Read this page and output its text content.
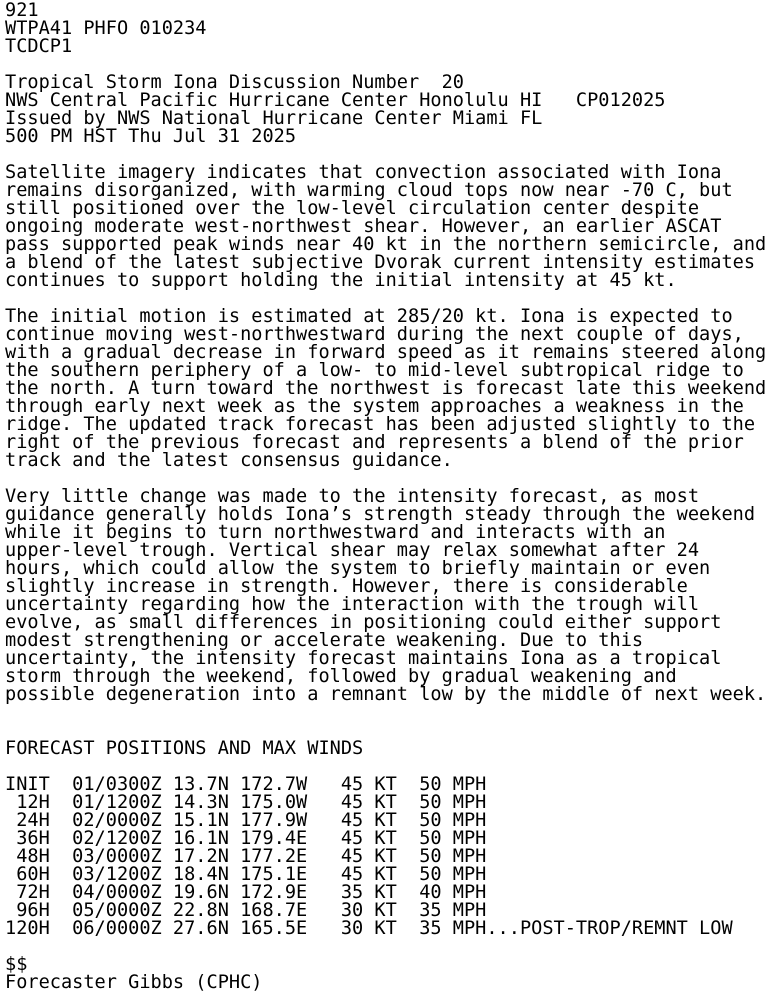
921
WTPA41 PHFO 010234
TCDCP1

Tropical Storm Iona Discussion Number  20
NWS Central Pacific Hurricane Center Honolulu HI   CP012025
Issued by NWS National Hurricane Center Miami FL
500 PM HST Thu Jul 31 2025

Satellite imagery indicates that convection associated with Iona
remains disorganized, with warming cloud tops now near -70 C, but
still positioned over the low-level circulation center despite
ongoing moderate west-northwest shear. However, an earlier ASCAT
pass supported peak winds near 40 kt in the northern semicircle, and
a blend of the latest subjective Dvorak current intensity estimates
continues to support holding the initial intensity at 45 kt.

The initial motion is estimated at 285/20 kt. Iona is expected to
continue moving west-northwestward during the next couple of days,
with a gradual decrease in forward speed as it remains steered along
the southern periphery of a low- to mid-level subtropical ridge to
the north. A turn toward the northwest is forecast late this weekend
through early next week as the system approaches a weakness in the
ridge. The updated track forecast has been adjusted slightly to the
right of the previous forecast and represents a blend of the prior
track and the latest consensus guidance.

Very little change was made to the intensity forecast, as most
guidance generally holds Iona’s strength steady through the weekend
while it begins to turn northwestward and interacts with an
upper-level trough. Vertical shear may relax somewhat after 24
hours, which could allow the system to briefly maintain or even
slightly increase in strength. However, there is considerable
uncertainty regarding how the interaction with the trough will
evolve, as small differences in positioning could either support
modest strengthening or accelerate weakening. Due to this
uncertainty, the intensity forecast maintains Iona as a tropical
storm through the weekend, followed by gradual weakening and
possible degeneration into a remnant low by the middle of next week.

FORECAST POSITIONS AND MAX WINDS

INIT  01/0300Z 13.7N 172.7W   45 KT  50 MPH
12H  01/1200Z 14.3N 175.0W   45 KT  50 MPH
24H  02/0000Z 15.1N 177.9W   45 KT  50 MPH
36H  02/1200Z 16.1N 179.4E   45 KT  50 MPH
48H  03/0000Z 17.2N 177.2E   45 KT  50 MPH
60H  03/1200Z 18.4N 175.1E   45 KT  50 MPH
72H  04/0000Z 19.6N 172.9E   35 KT  40 MPH
96H  05/0000Z 22.8N 168.7E   30 KT  35 MPH
120H  06/0000Z 27.6N 165.5E   30 KT  35 MPH...POST-TROP/REMNT LOW

$$
Forecaster Gibbs (CPHC)
